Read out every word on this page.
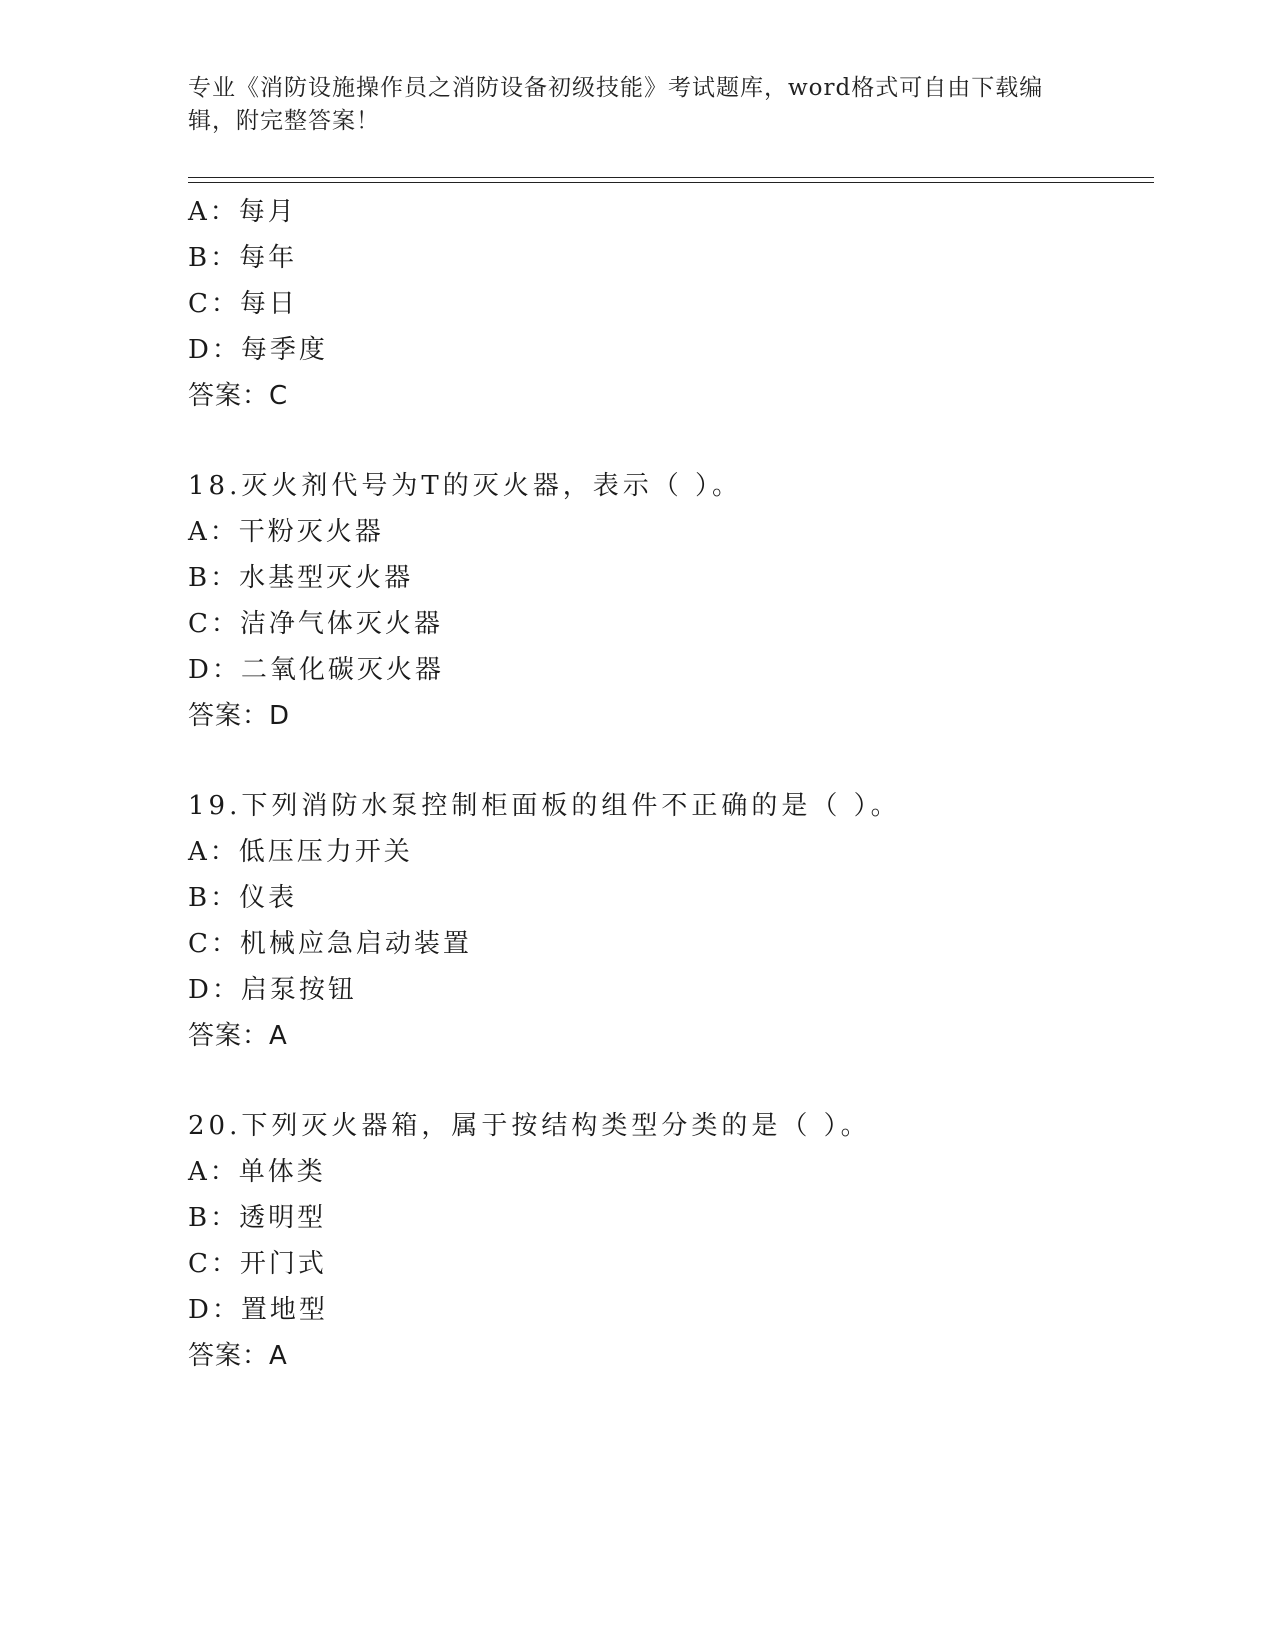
专业《消防设施操作员之消防设备初级技能》考试题库，word格式可自由下载编
辑，附完整答案！
A：每月
B：每年
C：每日
D：每季度
答案：C
18.灭火剂代号为T的灭火器，表示（ ）。
A：干粉灭火器
B：水基型灭火器
C：洁净气体灭火器
D：二氧化碳灭火器
答案：D
19.下列消防水泵控制柜面板的组件不正确的是（ ）。
A：低压压力开关
B：仪表
C：机械应急启动装置
D：启泵按钮
答案：A
20.下列灭火器箱，属于按结构类型分类的是（ ）。
A：单体类
B：透明型
C：开门式
D：置地型
答案：A
